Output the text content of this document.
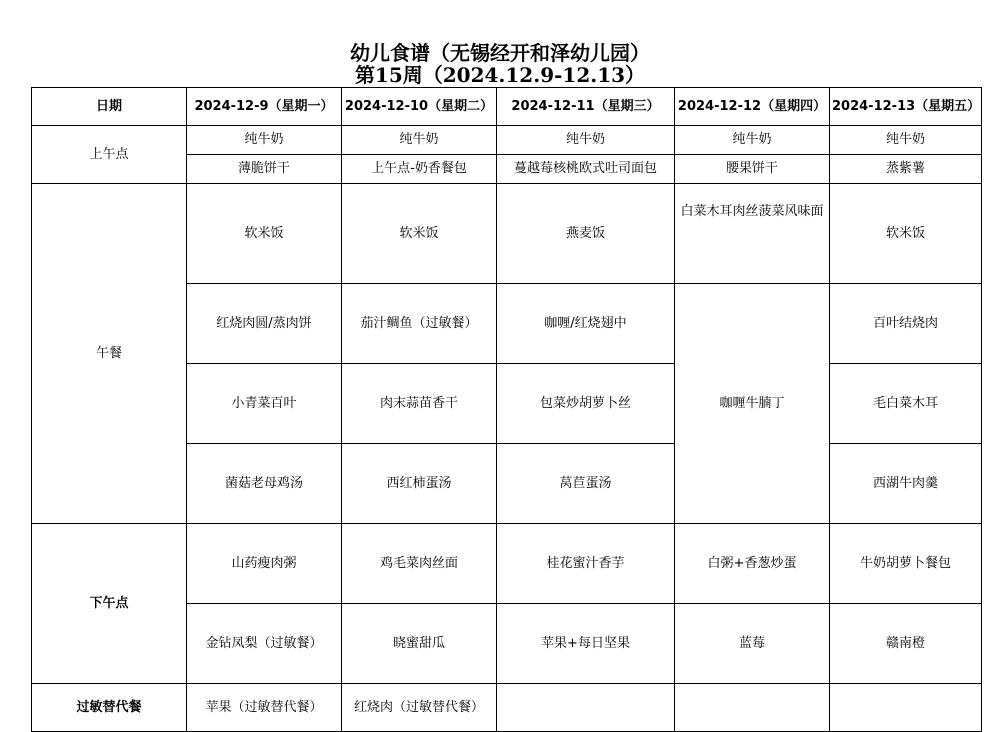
幼儿食谱（无锡经开和泽幼儿园）
第15周（2024.12.9-12.13）
日期	2024-12-9（星期一）	2024-12-10（星期二）	2024-12-11（星期三）	2024-12-12（星期四）	2024-12-13（星期五）
上午点	纯牛奶	纯牛奶	纯牛奶	纯牛奶	纯牛奶
	薄脆饼干	上午点-奶香餐包	蔓越莓核桃欧式吐司面包	腰果饼干	蒸紫薯
午餐	软米饭	软米饭	燕麦饭	白菜木耳肉丝菠菜风味面	软米饭
	红烧肉圆/蒸肉饼	茄汁鲷鱼（过敏餐）	咖喱/红烧翅中	咖喱牛腩丁	百叶结烧肉
	小青菜百叶	肉末蒜苗香干	包菜炒胡萝卜丝		毛白菜木耳
	菌菇老母鸡汤	西红柿蛋汤	莴苣蛋汤		西湖牛肉羹
下午点	山药瘦肉粥	鸡毛菜肉丝面	桂花蜜汁香芋	白粥+香葱炒蛋	牛奶胡萝卜餐包
	金钻凤梨（过敏餐）	晓蜜甜瓜	苹果+每日坚果	蓝莓	赣南橙
过敏替代餐	苹果（过敏替代餐）	红烧肉（过敏替代餐）			
